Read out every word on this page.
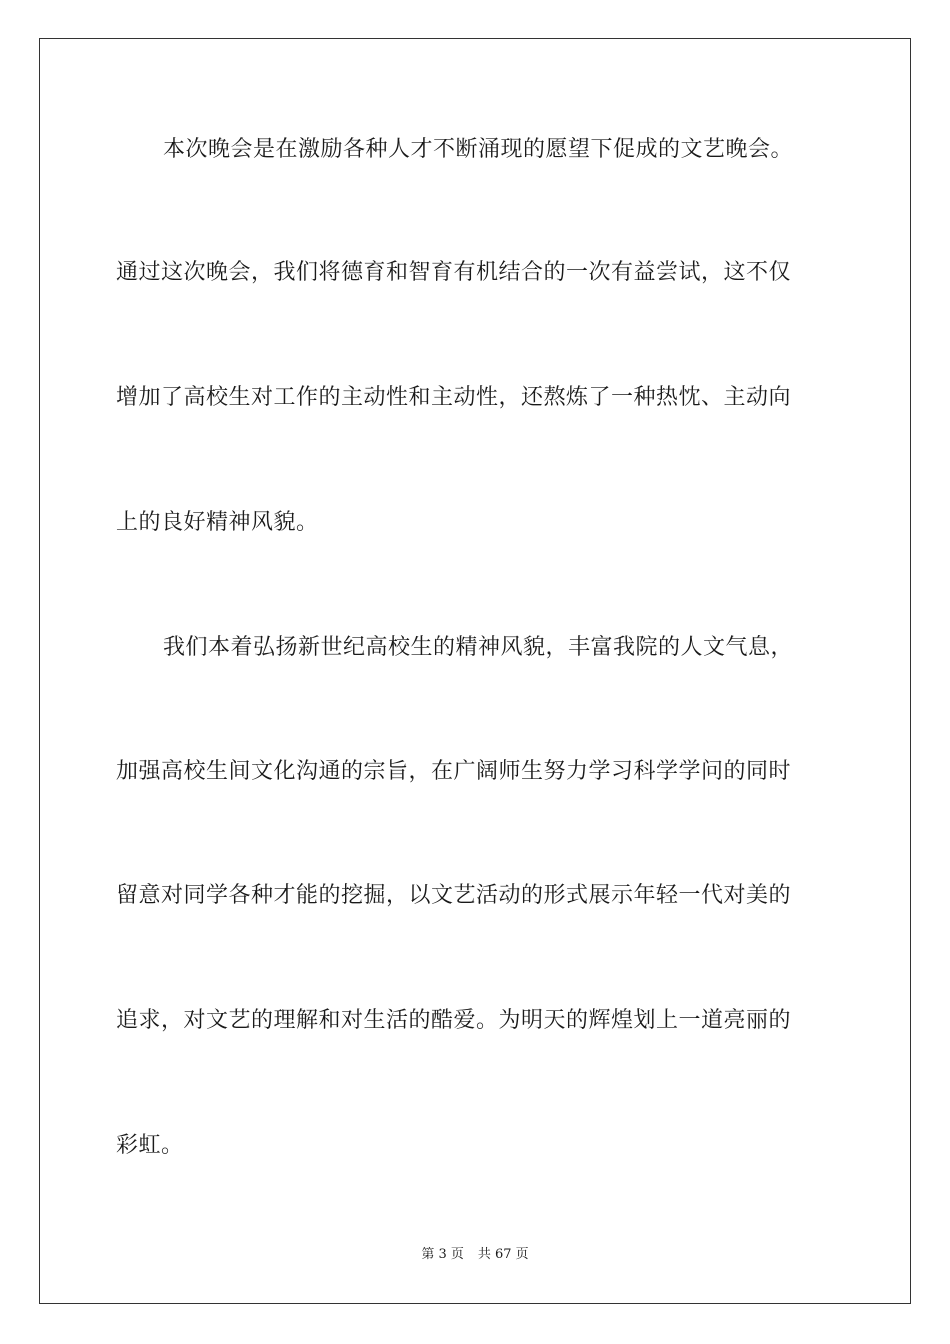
本次晚会是在激励各种人才不断涌现的愿望下促成的文艺晚会。
通过这次晚会，我们将德育和智育有机结合的一次有益尝试，这不仅
增加了高校生对工作的主动性和主动性，还熬炼了一种热忱、主动向
上的良好精神风貌。
我们本着弘扬新世纪高校生的精神风貌，丰富我院的人文气息，
加强高校生间文化沟通的宗旨，在广阔师生努力学习科学学问的同时
留意对同学各种才能的挖掘，以文艺活动的形式展示年轻一代对美的
追求，对文艺的理解和对生活的酷爱。为明天的辉煌划上一道亮丽的
彩虹。
第 3 页 共 67 页
